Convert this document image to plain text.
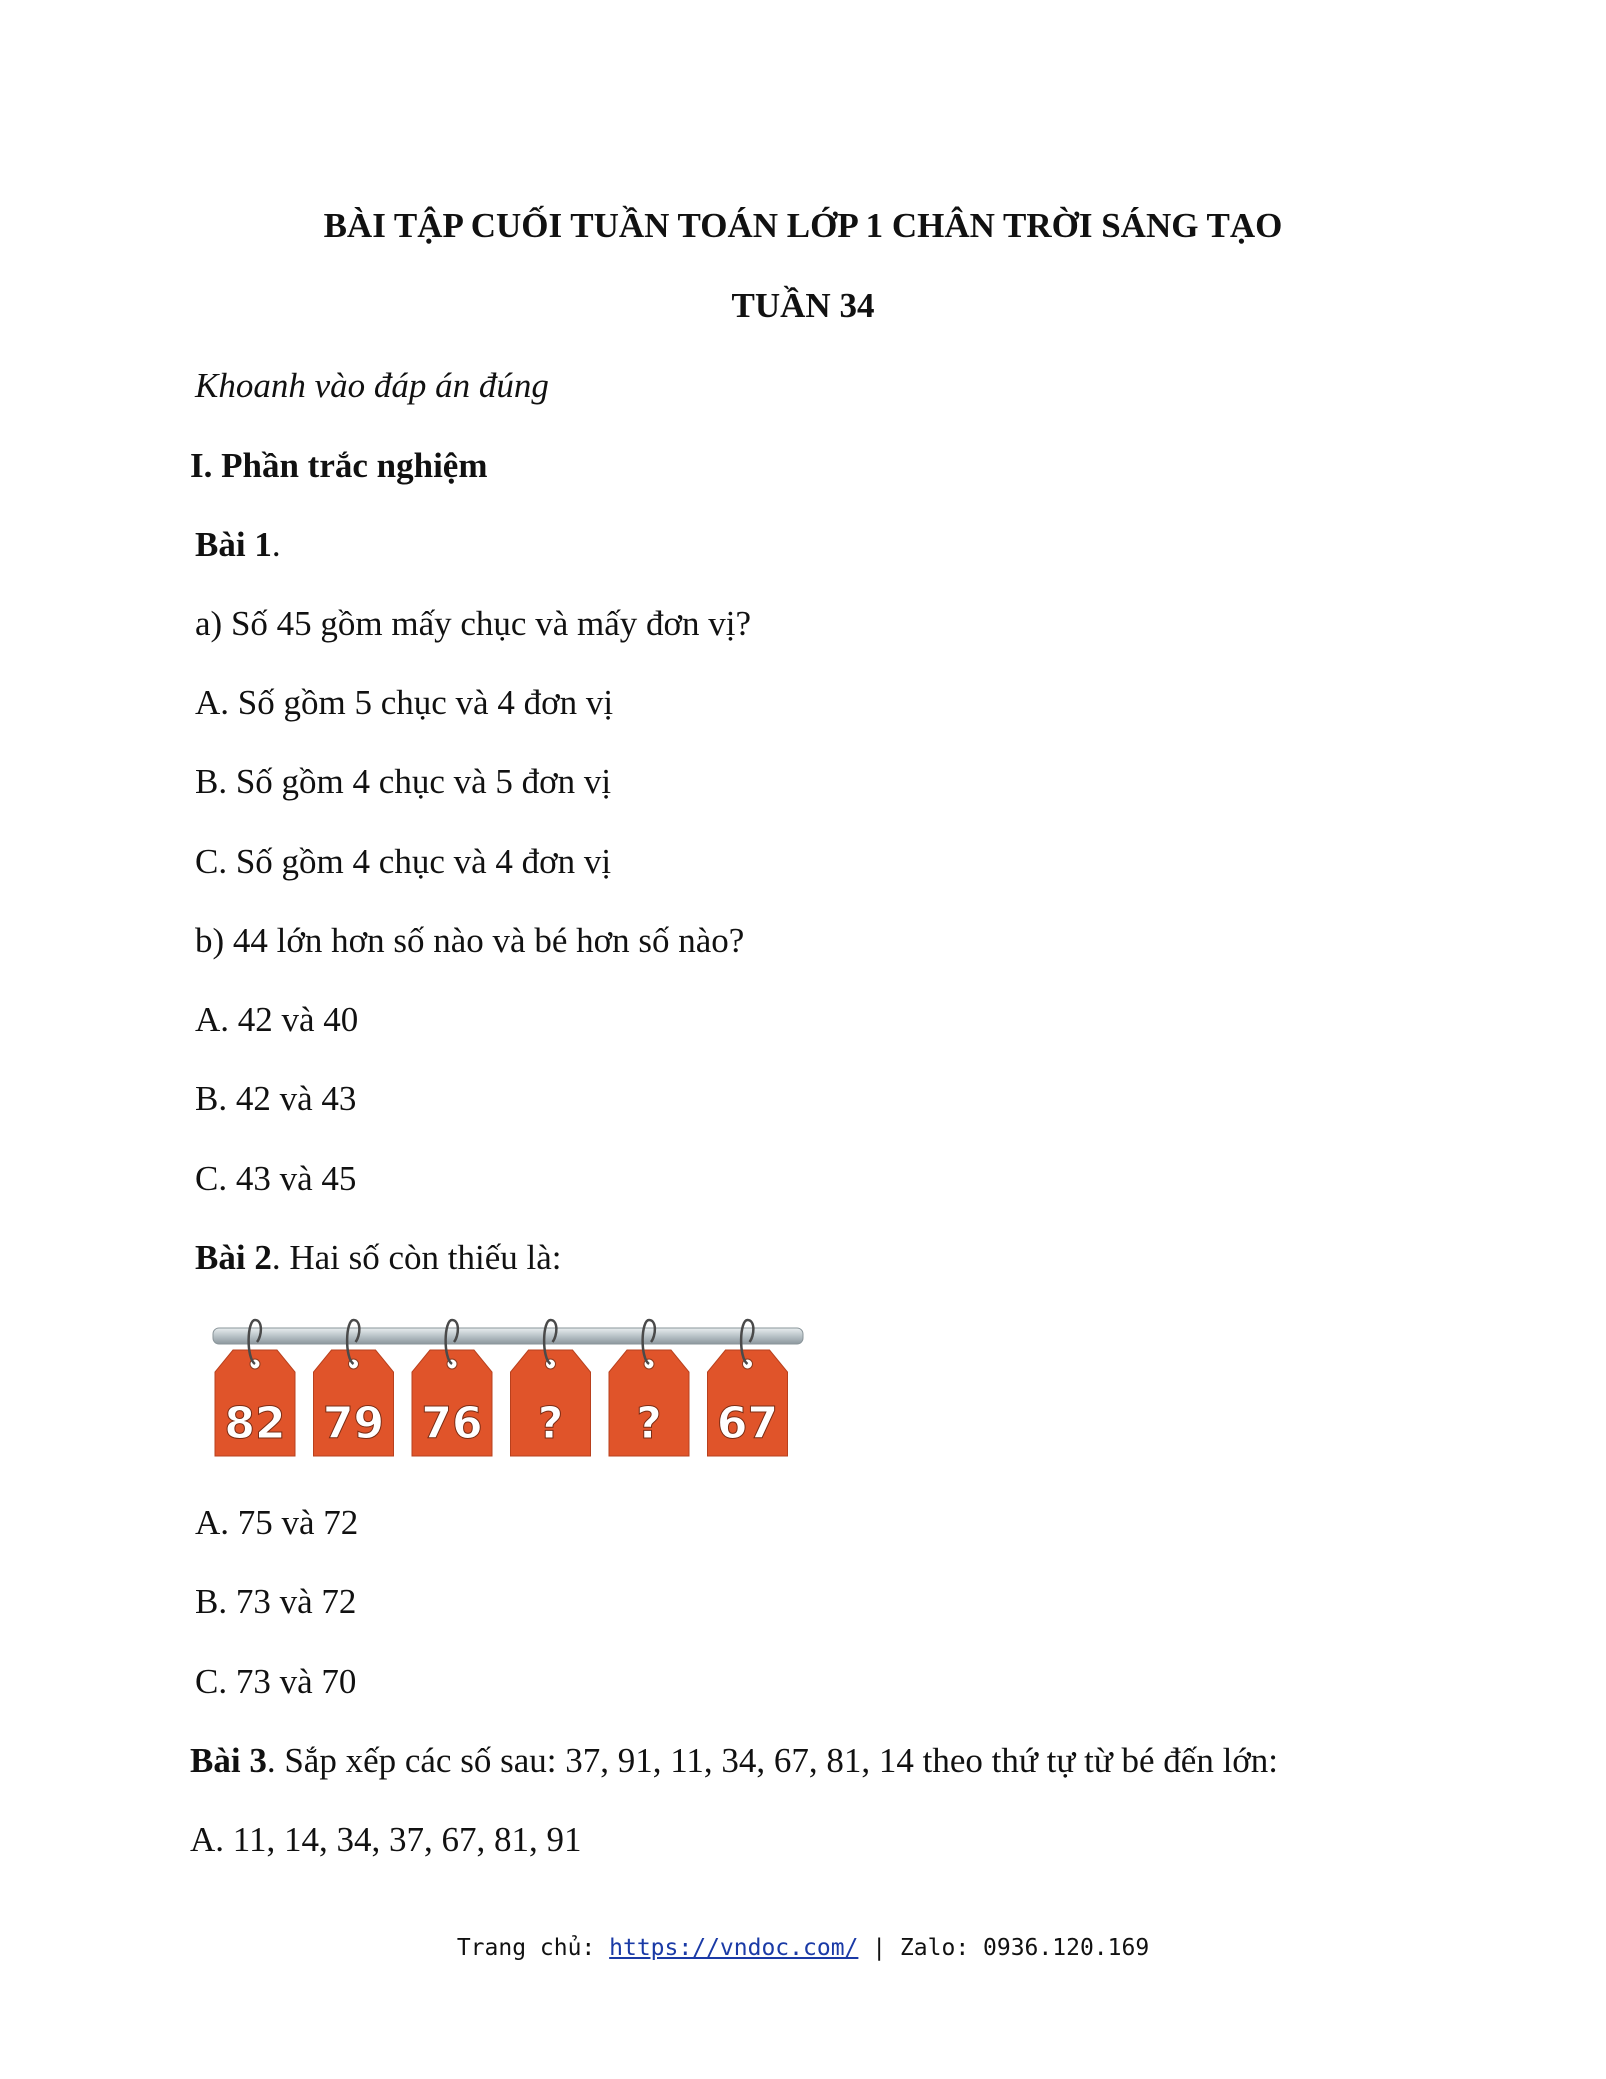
BÀI TẬP CUỐI TUẦN TOÁN LỚP 1 CHÂN TRỜI SÁNG TẠO
TUẦN 34
Khoanh vào đáp án đúng
I. Phần trắc nghiệm
Bài 1.
a) Số 45 gồm mấy chục và mấy đơn vị?
A. Số gồm 5 chục và 4 đơn vị
B. Số gồm 4 chục và 5 đơn vị
C. Số gồm 4 chục và 4 đơn vị
b) 44 lớn hơn số nào và bé hơn số nào?
A. 42 và 40
B. 42 và 43
C. 43 và 45
Bài 2. Hai số còn thiếu là:
82 79 76 ? ? 67
A. 75 và 72
B. 73 và 72
C. 73 và 70
Bài 3. Sắp xếp các số sau: 37, 91, 11, 34, 67, 81, 14 theo thứ tự từ bé đến lớn:
A. 11, 14, 34, 37, 67, 81, 91
Trang chủ: https://vndoc.com/ | Zalo: 0936.120.169
